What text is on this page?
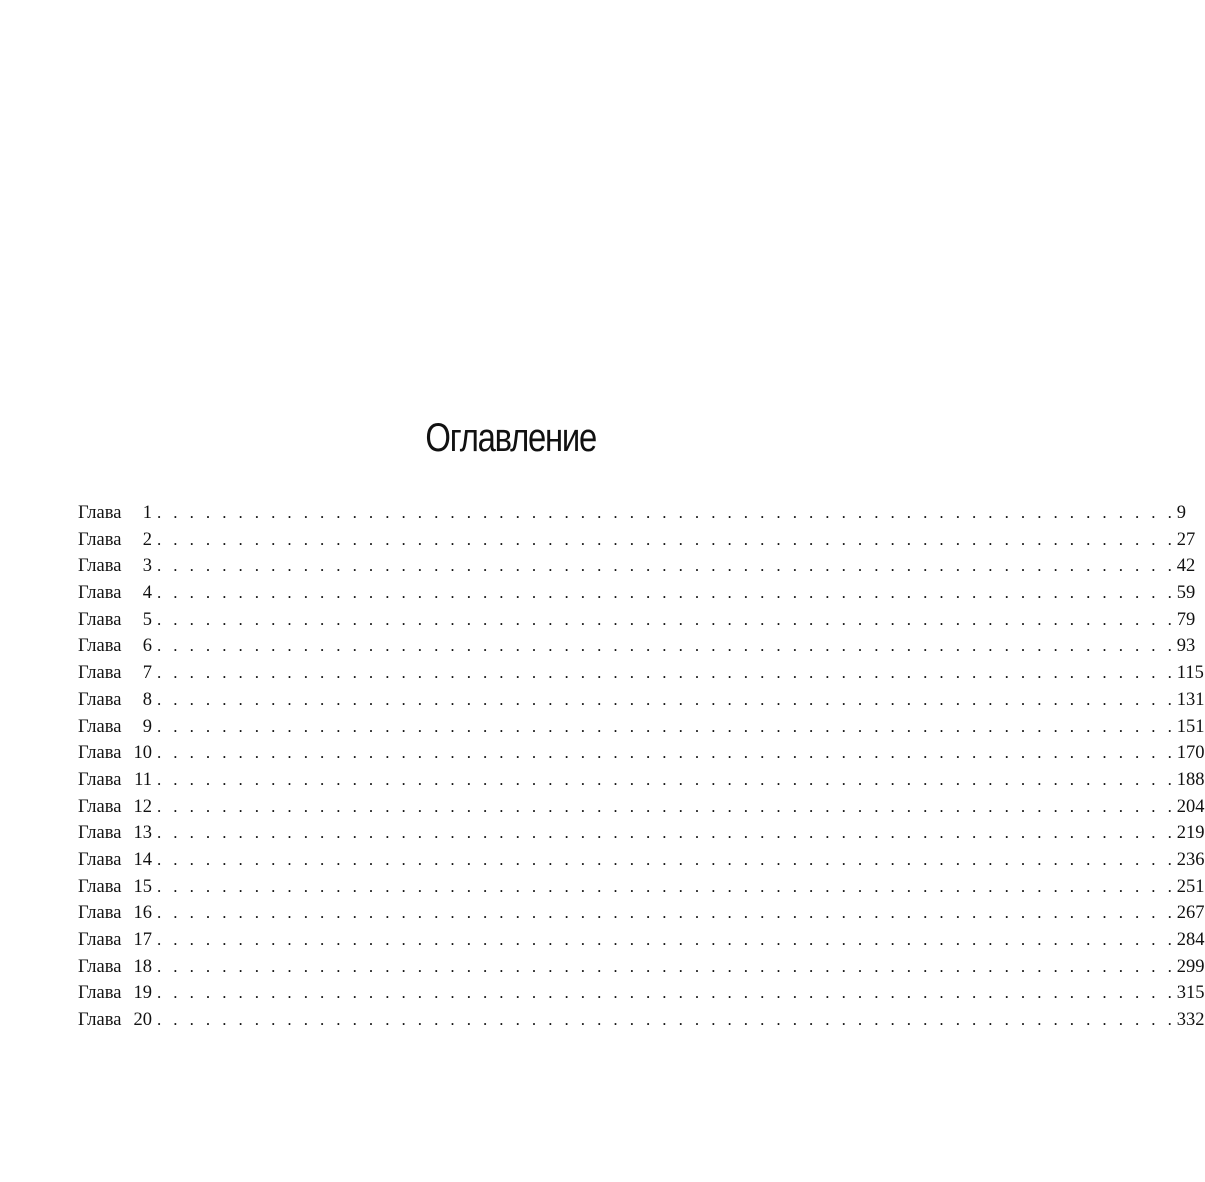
Оглавление
Глава	1 . . . . . . . . . . . . . . . . . . . . . . . . . . . . . . . . . . . . . . . . . . . . . . . . . . . . . . . . . . . . . . . 9
Глава	2 . . . . . . . . . . . . . . . . . . . . . . . . . . . . . . . . . . . . . . . . . . . . . . . . . . . . . . . . . . . . . . . 27
Глава	3 . . . . . . . . . . . . . . . . . . . . . . . . . . . . . . . . . . . . . . . . . . . . . . . . . . . . . . . . . . . . . . . 42
Глава	4 . . . . . . . . . . . . . . . . . . . . . . . . . . . . . . . . . . . . . . . . . . . . . . . . . . . . . . . . . . . . . . . 59
Глава	5 . . . . . . . . . . . . . . . . . . . . . . . . . . . . . . . . . . . . . . . . . . . . . . . . . . . . . . . . . . . . . . . 79
Глава	6 . . . . . . . . . . . . . . . . . . . . . . . . . . . . . . . . . . . . . . . . . . . . . . . . . . . . . . . . . . . . . . . 93
Глава	7 . . . . . . . . . . . . . . . . . . . . . . . . . . . . . . . . . . . . . . . . . . . . . . . . . . . . . . . . . . . . . . . 115
Глава	8 . . . . . . . . . . . . . . . . . . . . . . . . . . . . . . . . . . . . . . . . . . . . . . . . . . . . . . . . . . . . . . . 131
Глава	9 . . . . . . . . . . . . . . . . . . . . . . . . . . . . . . . . . . . . . . . . . . . . . . . . . . . . . . . . . . . . . . . 151
Глава 10 . . . . . . . . . . . . . . . . . . . . . . . . . . . . . . . . . . . . . . . . . . . . . . . . . . . . . . . . . . . . . . . 170
Глава 11 . . . . . . . . . . . . . . . . . . . . . . . . . . . . . . . . . . . . . . . . . . . . . . . . . . . . . . . . . . . . . . . 188
Глава 12 . . . . . . . . . . . . . . . . . . . . . . . . . . . . . . . . . . . . . . . . . . . . . . . . . . . . . . . . . . . . . . . 204
Глава 13 . . . . . . . . . . . . . . . . . . . . . . . . . . . . . . . . . . . . . . . . . . . . . . . . . . . . . . . . . . . . . . . 219
Глава 14 . . . . . . . . . . . . . . . . . . . . . . . . . . . . . . . . . . . . . . . . . . . . . . . . . . . . . . . . . . . . . . . 236
Глава 15 . . . . . . . . . . . . . . . . . . . . . . . . . . . . . . . . . . . . . . . . . . . . . . . . . . . . . . . . . . . . . . . 251
Глава 16 . . . . . . . . . . . . . . . . . . . . . . . . . . . . . . . . . . . . . . . . . . . . . . . . . . . . . . . . . . . . . . . 267
Глава 17 . . . . . . . . . . . . . . . . . . . . . . . . . . . . . . . . . . . . . . . . . . . . . . . . . . . . . . . . . . . . . . . 284
Глава 18 . . . . . . . . . . . . . . . . . . . . . . . . . . . . . . . . . . . . . . . . . . . . . . . . . . . . . . . . . . . . . . . 299
Глава 19 . . . . . . . . . . . . . . . . . . . . . . . . . . . . . . . . . . . . . . . . . . . . . . . . . . . . . . . . . . . . . . . 315
Глава 20 . . . . . . . . . . . . . . . . . . . . . . . . . . . . . . . . . . . . . . . . . . . . . . . . . . . . . . . . . . . . . . . 332
